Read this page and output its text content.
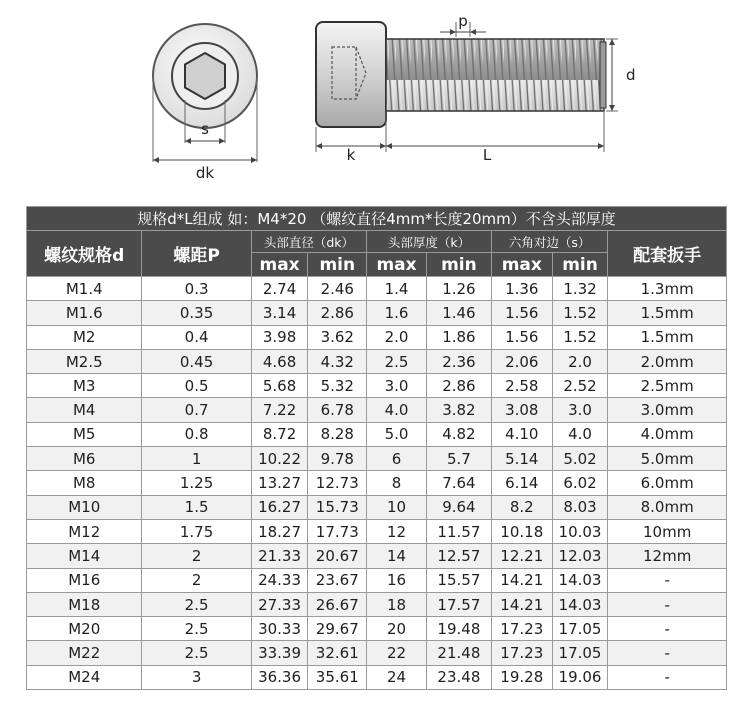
s
dk
p
d
k	L
规格d*L组成 如：M4*20 （螺纹直径4mm*长度20mm）不含头部厚度								
螺纹规格d	螺距P	头部直径（dk）		头部厚度（k）		六角对边（s）		配套扳手
		max	min	max	min	max	min	
M1.4	0.3	2.74	2.46	1.4	1.26	1.36	1.32	1.3mm
M1.6	0.35	3.14	2.86	1.6	1.46	1.56	1.52	1.5mm
M2	0.4	3.98	3.62	2.0	1.86	1.56	1.52	1.5mm
M2.5	0.45	4.68	4.32	2.5	2.36	2.06	2.0	2.0mm
M3	0.5	5.68	5.32	3.0	2.86	2.58	2.52	2.5mm
M4	0.7	7.22	6.78	4.0	3.82	3.08	3.0	3.0mm
M5	0.8	8.72	8.28	5.0	4.82	4.10	4.0	4.0mm
M6	1	10.22	9.78	6	5.7	5.14	5.02	5.0mm
M8	1.25	13.27	12.73	8	7.64	6.14	6.02	6.0mm
M10	1.5	16.27	15.73	10	9.64	8.2	8.03	8.0mm
M12	1.75	18.27	17.73	12	11.57	10.18	10.03	10mm
M14	2	21.33	20.67	14	12.57	12.21	12.03	12mm
M16	2	24.33	23.67	16	15.57	14.21	14.03	-
M18	2.5	27.33	26.67	18	17.57	14.21	14.03	-
M20	2.5	30.33	29.67	20	19.48	17.23	17.05	-
M22	2.5	33.39	32.61	22	21.48	17.23	17.05	-
M24	3	36.36	35.61	24	23.48	19.28	19.06	-
